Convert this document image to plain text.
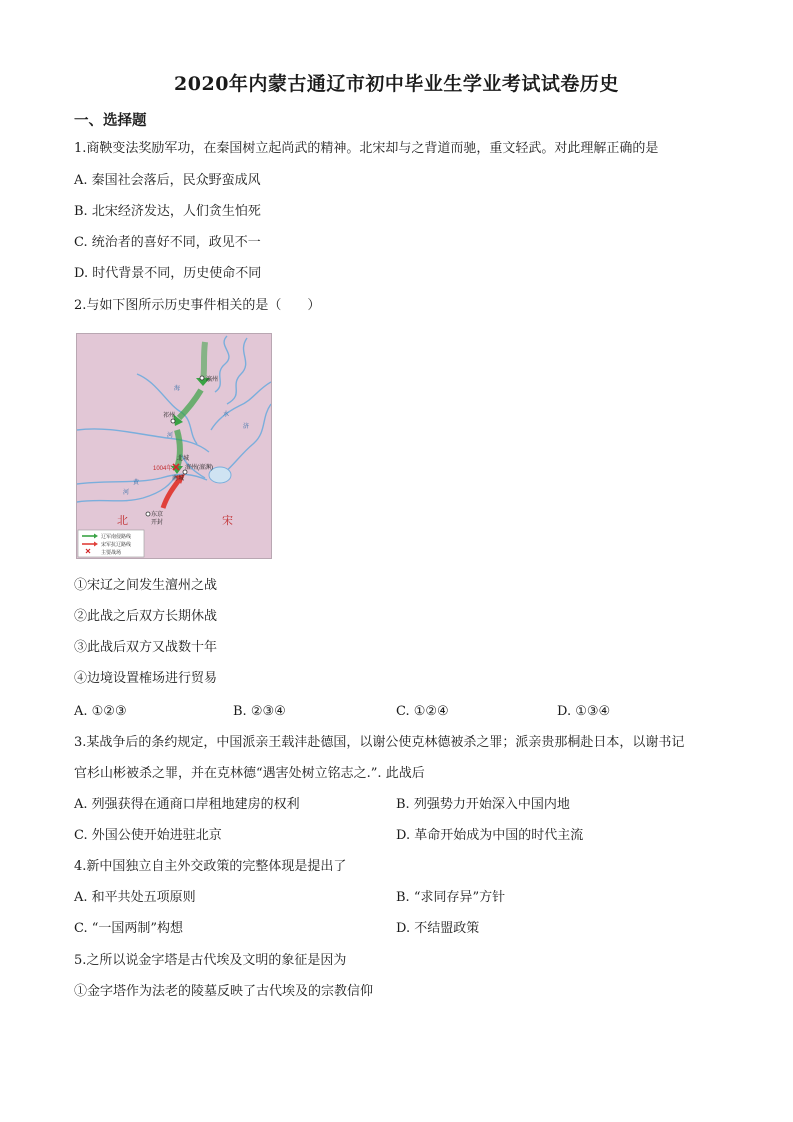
2020年内蒙古通辽市初中毕业生学业考试试卷历史
一、选择题
1.商鞅变法奖励军功，在秦国树立起尚武的精神。北宋却与之背道而驰，重文轻武。对此理解正确的是
A. 秦国社会落后，民众野蛮成风
B. 北宋经济发达，人们贪生怕死
C. 统治者的喜好不同，政见不一
D. 时代背景不同，历史使命不同
2.与如下图所示历史事件相关的是（　　）
瀛州
祁州
北城
1004年 澶州(澶渊)
南城
东京
开封
海
河
水
济
黄
河
北	宋
辽军南侵路线
宋军抗辽路线
主要战场
①宋辽之间发生澶州之战
②此战之后双方长期休战
③此战后双方又战数十年
④边境设置榷场进行贸易
A. ①②③	B. ②③④	C. ①②④	D. ①③④
3.某战争后的条约规定，中国派亲王载沣赴德国，以谢公使克林德被杀之罪；派亲贵那桐赴日本，以谢书记
官杉山彬被杀之罪，并在克林德“遇害处树立铭志之.”. 此战后
A. 列强获得在通商口岸租地建房的权利	B. 列强势力开始深入中国内地
C. 外国公使开始进驻北京	D. 革命开始成为中国的时代主流
4.新中国独立自主外交政策的完整体现是提出了
A. 和平共处五项原则	B. “求同存异”方针
C. “一国两制”构想	D. 不结盟政策
5.之所以说金字塔是古代埃及文明的象征是因为
①金字塔作为法老的陵墓反映了古代埃及的宗教信仰
